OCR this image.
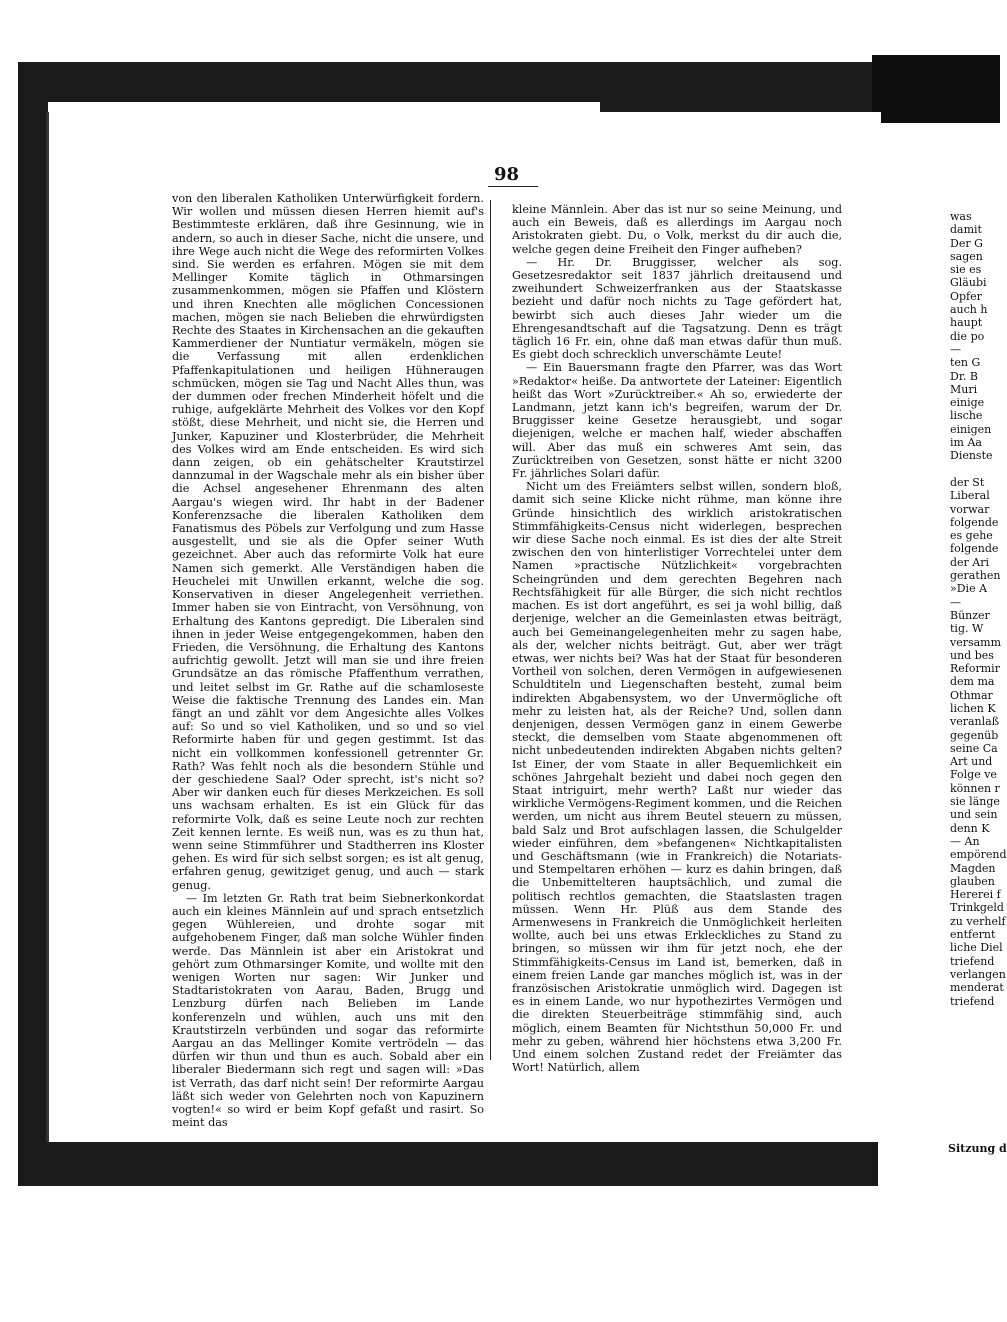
98

von den liberalen Katholiken Unterwürfigkeit fordern. Wir wollen und müssen diesen Herren hiemit auf's Bestimmteste erklären, daß ihre Gesinnung, wie in andern, so auch in dieser Sache, nicht die unsere, und ihre Wege auch nicht die Wege des reformirten Volkes sind. Sie werden es erfahren. Mögen sie mit dem Mellinger Komite täglich in Othmarsingen zusammenkommen, mögen sie Pfaffen und Klöstern und ihren Knechten alle möglichen Concessionen machen, mögen sie nach Belieben die ehrwürdigsten Rechte des Staates in Kirchensachen an die gekauften Kammerdiener der Nuntiatur vermäkeln, mögen sie die Verfassung mit allen erdenklichen Pfaffenkapitulationen und heiligen Hühneraugen schmücken, mögen sie Tag und Nacht Alles thun, was der dummen oder frechen Minderheit höfelt und die ruhige, aufgeklärte Mehrheit des Volkes vor den Kopf stößt, diese Mehrheit, und nicht sie, die Herren und Junker, Kapuziner und Klosterbrüder, die Mehrheit des Volkes wird am Ende entscheiden. Es wird sich dann zeigen, ob ein gehätschelter Krautstirzel dannzumal in der Wagschale mehr als ein bisher über die Achsel angesehener Ehrenmann des alten Aargau's wiegen wird. Ihr habt in der Badener Konferenzsache die liberalen Katholiken dem Fanatismus des Pöbels zur Verfolgung und zum Hasse ausgestellt, und sie als die Opfer seiner Wuth gezeichnet. Aber auch das reformirte Volk hat eure Namen sich gemerkt. Alle Verständigen haben die Heuchelei mit Unwillen erkannt, welche die sog. Konservativen in dieser Angelegenheit verriethen. Immer haben sie von Eintracht, von Versöhnung, von Erhaltung des Kantons gepredigt. Die Liberalen sind ihnen in jeder Weise entgegengekommen, haben den Frieden, die Versöhnung, die Erhaltung des Kantons aufrichtig gewollt. Jetzt will man sie und ihre freien Grundsätze an das römische Pfaffenthum verrathen, und leitet selbst im Gr. Rathe auf die schamloseste Weise die faktische Trennung des Landes ein. Man fängt an und zählt vor dem Angesichte alles Volkes auf: So und so viel Katholiken, und so und so viel Reformirte haben für und gegen gestimmt. Ist das nicht ein vollkommen konfessionell getrennter Gr. Rath? Was fehlt noch als die besondern Stühle und der geschiedene Saal? Oder sprecht, ist's nicht so? Aber wir danken euch für dieses Merkzeichen. Es soll uns wachsam erhalten. Es ist ein Glück für das reformirte Volk, daß es seine Leute noch zur rechten Zeit kennen lernte. Es weiß nun, was es zu thun hat, wenn seine Stimmführer und Stadtherren ins Kloster gehen. Es wird für sich selbst sorgen; es ist alt genug, erfahren genug, gewitziget genug, und auch — stark genug.

— Im letzten Gr. Rath trat beim Siebnerkonkordat auch ein kleines Männlein auf und sprach entsetzlich gegen Wühlereien, und drohte sogar mit aufgehobenem Finger, daß man solche Wühler finden werde. Das Männlein ist aber ein Aristokrat und gehört zum Othmarsinger Komite, und wollte mit den wenigen Worten nur sagen: Wir Junker und Stadtaristokraten von Aarau, Baden, Brugg und Lenzburg dürfen nach Belieben im Lande konferenzeln und wühlen, auch uns mit den Krautstirzeln verbünden und sogar das reformirte Aargau an das Mellinger Komite vertrödeln — das dürfen wir thun und thun es auch. Sobald aber ein liberaler Biedermann sich regt und sagen will: »Das ist Verrath, das darf nicht sein! Der reformirte Aargau läßt sich weder von Gelehrten noch von Kapuzinern vogten!« so wird er beim Kopf gefaßt und rasirt. So meint das

kleine Männlein. Aber das ist nur so seine Meinung, und auch ein Beweis, daß es allerdings im Aargau noch Aristokraten giebt. Du, o Volk, merkst du dir auch die, welche gegen deine Freiheit den Finger aufheben?

— Hr. Dr. Bruggisser, welcher als sog. Gesetzesredaktor seit 1837 jährlich dreitausend und zweihundert Schweizerfranken aus der Staatskasse bezieht und dafür noch nichts zu Tage gefördert hat, bewirbt sich auch dieses Jahr wieder um die Ehrengesandtschaft auf die Tagsatzung. Denn es trägt täglich 16 Fr. ein, ohne daß man etwas dafür thun muß. Es giebt doch schrecklich unverschämte Leute!

— Ein Bauersmann fragte den Pfarrer, was das Wort »Redaktor« heiße. Da antwortete der Lateiner: Eigentlich heißt das Wort »Zurücktreiber.« Ah so, erwiederte der Landmann, jetzt kann ich's begreifen, warum der Dr. Bruggisser keine Gesetze herausgiebt, und sogar diejenigen, welche er machen half, wieder abschaffen will. Aber das muß ein schweres Amt sein, das Zurücktreiben von Gesetzen, sonst hätte er nicht 3200 Fr. jährliches Solari dafür.

Nicht um des Freiämters selbst willen, sondern bloß, damit sich seine Klicke nicht rühme, man könne ihre Gründe hinsichtlich des wirklich aristokratischen Stimmfähigkeits-Census nicht widerlegen, besprechen wir diese Sache noch einmal. Es ist dies der alte Streit zwischen den von hinterlistiger Vorrechtelei unter dem Namen »practische Nützlichkeit« vorgebrachten Scheingründen und dem gerechten Begehren nach Rechtsfähigkeit für alle Bürger, die sich nicht rechtlos machen. Es ist dort angeführt, es sei ja wohl billig, daß derjenige, welcher an die Gemeinlasten etwas beiträgt, auch bei Gemeinangelegenheiten mehr zu sagen habe, als der, welcher nichts beiträgt. Gut, aber wer trägt etwas, wer nichts bei? Was hat der Staat für besonderen Vortheil von solchen, deren Vermögen in aufgewiesenen Schuldtiteln und Liegenschaften besteht, zumal beim indirekten Abgabensystem, wo der Unvermögliche oft mehr zu leisten hat, als der Reiche? Und, sollen dann denjenigen, dessen Vermögen ganz in einem Gewerbe steckt, die demselben vom Staate abgenommenen oft nicht unbedeutenden indirekten Abgaben nichts gelten? Ist Einer, der vom Staate in aller Bequemlichkeit ein schönes Jahrgehalt bezieht und dabei noch gegen den Staat intriguirt, mehr werth? Laßt nur wieder das wirkliche Vermögens-Regiment kommen, und die Reichen werden, um nicht aus ihrem Beutel steuern zu müssen, bald Salz und Brot aufschlagen lassen, die Schulgelder wieder einführen, dem »befangenen« Nichtkapitalisten und Geschäftsmann (wie in Frankreich) die Notariats- und Stempeltaren erhöhen — kurz es dahin bringen, daß die Unbemittelteren hauptsächlich, und zumal die politisch rechtlos gemachten, die Staatslasten tragen müssen. Wenn Hr. Plüß aus dem Stande des Armenwesens in Frankreich die Unmöglichkeit herleiten wollte, auch bei uns etwas Erkleckliches zu Stand zu bringen, so müssen wir ihm für jetzt noch, ehe der Stimmfähigkeits-Census im Land ist, bemerken, daß in einem freien Lande gar manches möglich ist, was in der französischen Aristokratie unmöglich wird. Dagegen ist es in einem Lande, wo nur hypothezirtes Vermögen und die direkten Steuerbeiträge stimmfähig sind, auch möglich, einem Beamten für Nichtsthun 50,000 Fr. und mehr zu geben, während hier höchstens etwa 3,200 Fr. Und einem solchen Zustand redet der Freiämter das Wort! Natürlich, allem

was
damit
Der G
sagen
sie es
Gläubi
Opfer
auch h
haupt
die po
—
ten G
Dr. B
Muri
einige
lische
einigen
im Aa
Dienste

der St
Liberal
vorwar
folgende
es gehe
folgende
der Ari
gerathen
»Die A
—
Bünzer
tig. W
versamm
und bes
Reformir
dem ma
Othmar
lichen K
veranlaß
gegenüb
seine Ca
Art und
Folge ve
können r
sie länge
und sein
denn K
— An
empörend
Magden
glauben
Hererei f
Trinkgeld
zu verhelf
entfernt
liche Diel
triefend
verlangen
menderat
triefend
Sitzung d
